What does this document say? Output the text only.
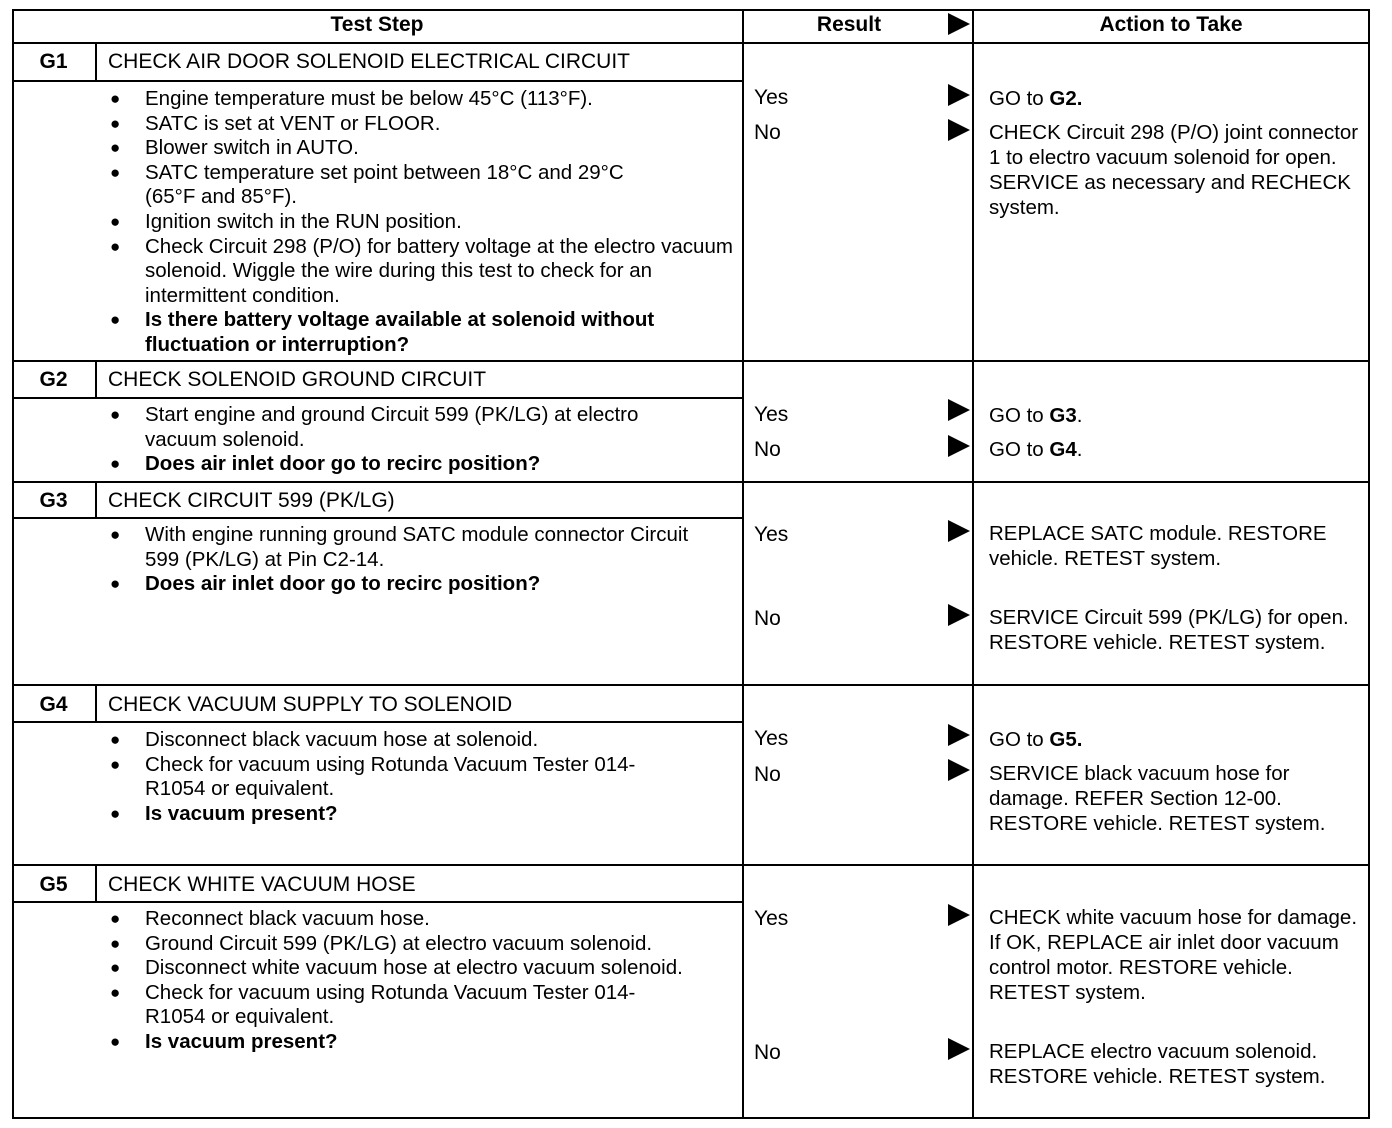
Test Step	Result	Action to Take
G1	CHECK AIR DOOR SOLENOID ELECTRICAL CIRCUIT
● Engine temperature must be below 45°C (113°F).
● SATC is set at VENT or FLOOR.
● Blower switch in AUTO.
● SATC temperature set point between 18°C and 29°C (65°F and 85°F).
● Ignition switch in the RUN position.
● Check Circuit 298 (P/O) for battery voltage at the electro vacuum solenoid. Wiggle the wire during this test to check for an intermittent condition.
● Is there battery voltage available at solenoid without fluctuation or interruption?
Yes	GO to G2.
No	CHECK Circuit 298 (P/O) joint connector 1 to electro vacuum solenoid for open. SERVICE as necessary and RECHECK system.
G2	CHECK SOLENOID GROUND CIRCUIT
● Start engine and ground Circuit 599 (PK/LG) at electro vacuum solenoid.
● Does air inlet door go to recirc position?
Yes	GO to G3.
No	GO to G4.
G3	CHECK CIRCUIT 599 (PK/LG)
● With engine running ground SATC module connector Circuit 599 (PK/LG) at Pin C2-14.
● Does air inlet door go to recirc position?
Yes	REPLACE SATC module. RESTORE vehicle. RETEST system.
No	SERVICE Circuit 599 (PK/LG) for open. RESTORE vehicle. RETEST system.
G4	CHECK VACUUM SUPPLY TO SOLENOID
● Disconnect black vacuum hose at solenoid.
● Check for vacuum using Rotunda Vacuum Tester 014-R1054 or equivalent.
● Is vacuum present?
Yes	GO to G5.
No	SERVICE black vacuum hose for damage. REFER Section 12-00. RESTORE vehicle. RETEST system.
G5	CHECK WHITE VACUUM HOSE
● Reconnect black vacuum hose.
● Ground Circuit 599 (PK/LG) at electro vacuum solenoid.
● Disconnect white vacuum hose at electro vacuum solenoid.
● Check for vacuum using Rotunda Vacuum Tester 014-R1054 or equivalent.
● Is vacuum present?
Yes	CHECK white vacuum hose for damage. If OK, REPLACE air inlet door vacuum control motor. RESTORE vehicle. RETEST system.
No	REPLACE electro vacuum solenoid. RESTORE vehicle. RETEST system.
